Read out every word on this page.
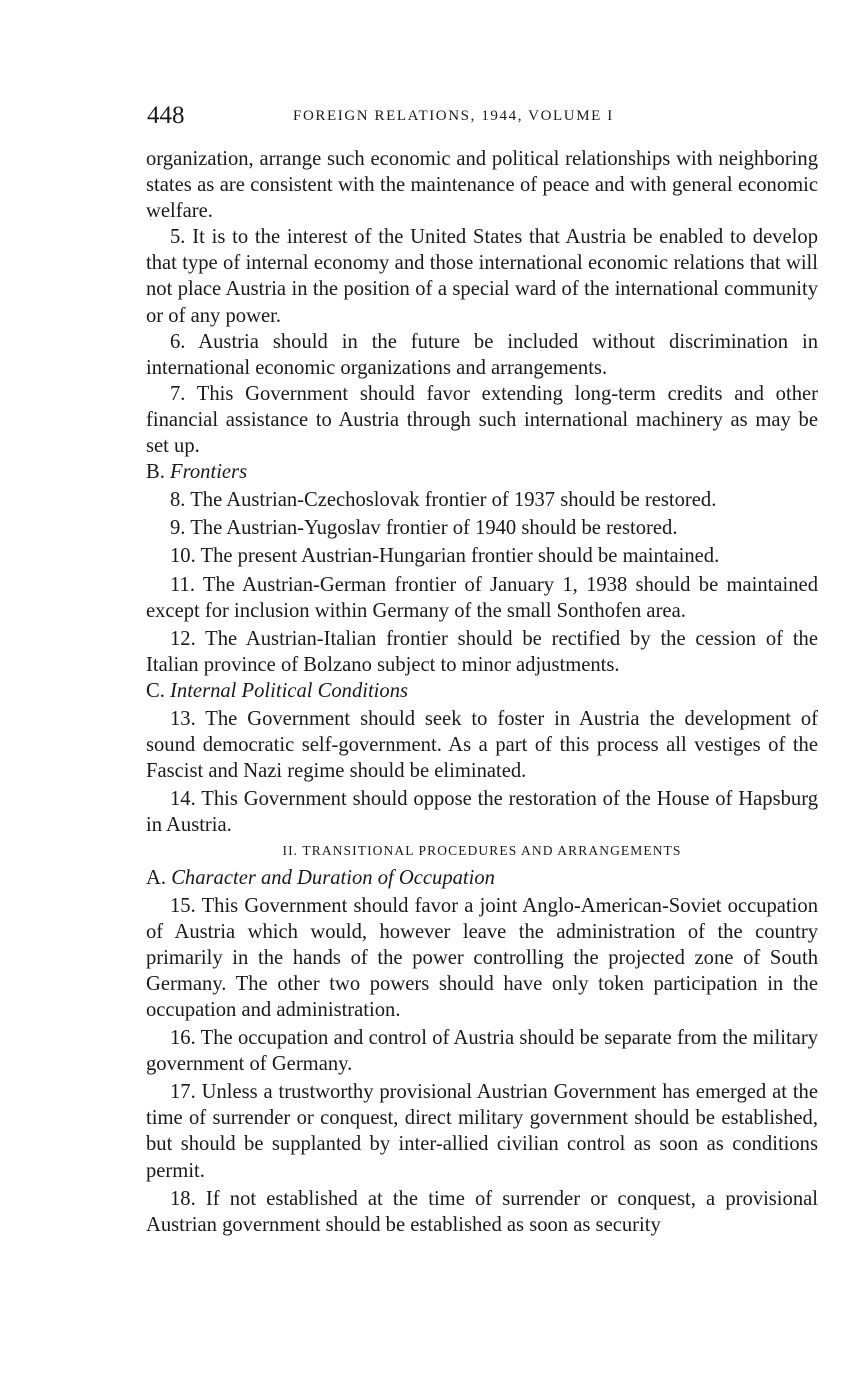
448	FOREIGN RELATIONS, 1944, VOLUME I

organization, arrange such economic and political relationships with neighboring states as are consistent with the maintenance of peace and with general economic welfare.

5. It is to the interest of the United States that Austria be enabled to develop that type of internal economy and those international economic relations that will not place Austria in the position of a special ward of the international community or of any power.

6. Austria should in the future be included without discrimination in international economic organizations and arrangements.

7. This Government should favor extending long-term credits and other financial assistance to Austria through such international machinery as may be set up.

B. Frontiers

8. The Austrian-Czechoslovak frontier of 1937 should be restored.

9. The Austrian-Yugoslav frontier of 1940 should be restored.

10. The present Austrian-Hungarian frontier should be maintained.

11. The Austrian-German frontier of January 1, 1938 should be maintained except for inclusion within Germany of the small Sonthofen area.

12. The Austrian-Italian frontier should be rectified by the cession of the Italian province of Bolzano subject to minor adjustments.

C. Internal Political Conditions

13. The Government should seek to foster in Austria the development of sound democratic self-government. As a part of this process all vestiges of the Fascist and Nazi regime should be eliminated.

14. This Government should oppose the restoration of the House of Hapsburg in Austria.

II. TRANSITIONAL PROCEDURES AND ARRANGEMENTS

A. Character and Duration of Occupation

15. This Government should favor a joint Anglo-American-Soviet occupation of Austria which would, however leave the administration of the country primarily in the hands of the power controlling the projected zone of South Germany. The other two powers should have only token participation in the occupation and administration.

16. The occupation and control of Austria should be separate from the military government of Germany.

17. Unless a trustworthy provisional Austrian Government has emerged at the time of surrender or conquest, direct military government should be established, but should be supplanted by inter-allied civilian control as soon as conditions permit.

18. If not established at the time of surrender or conquest, a provisional Austrian government should be established as soon as security
